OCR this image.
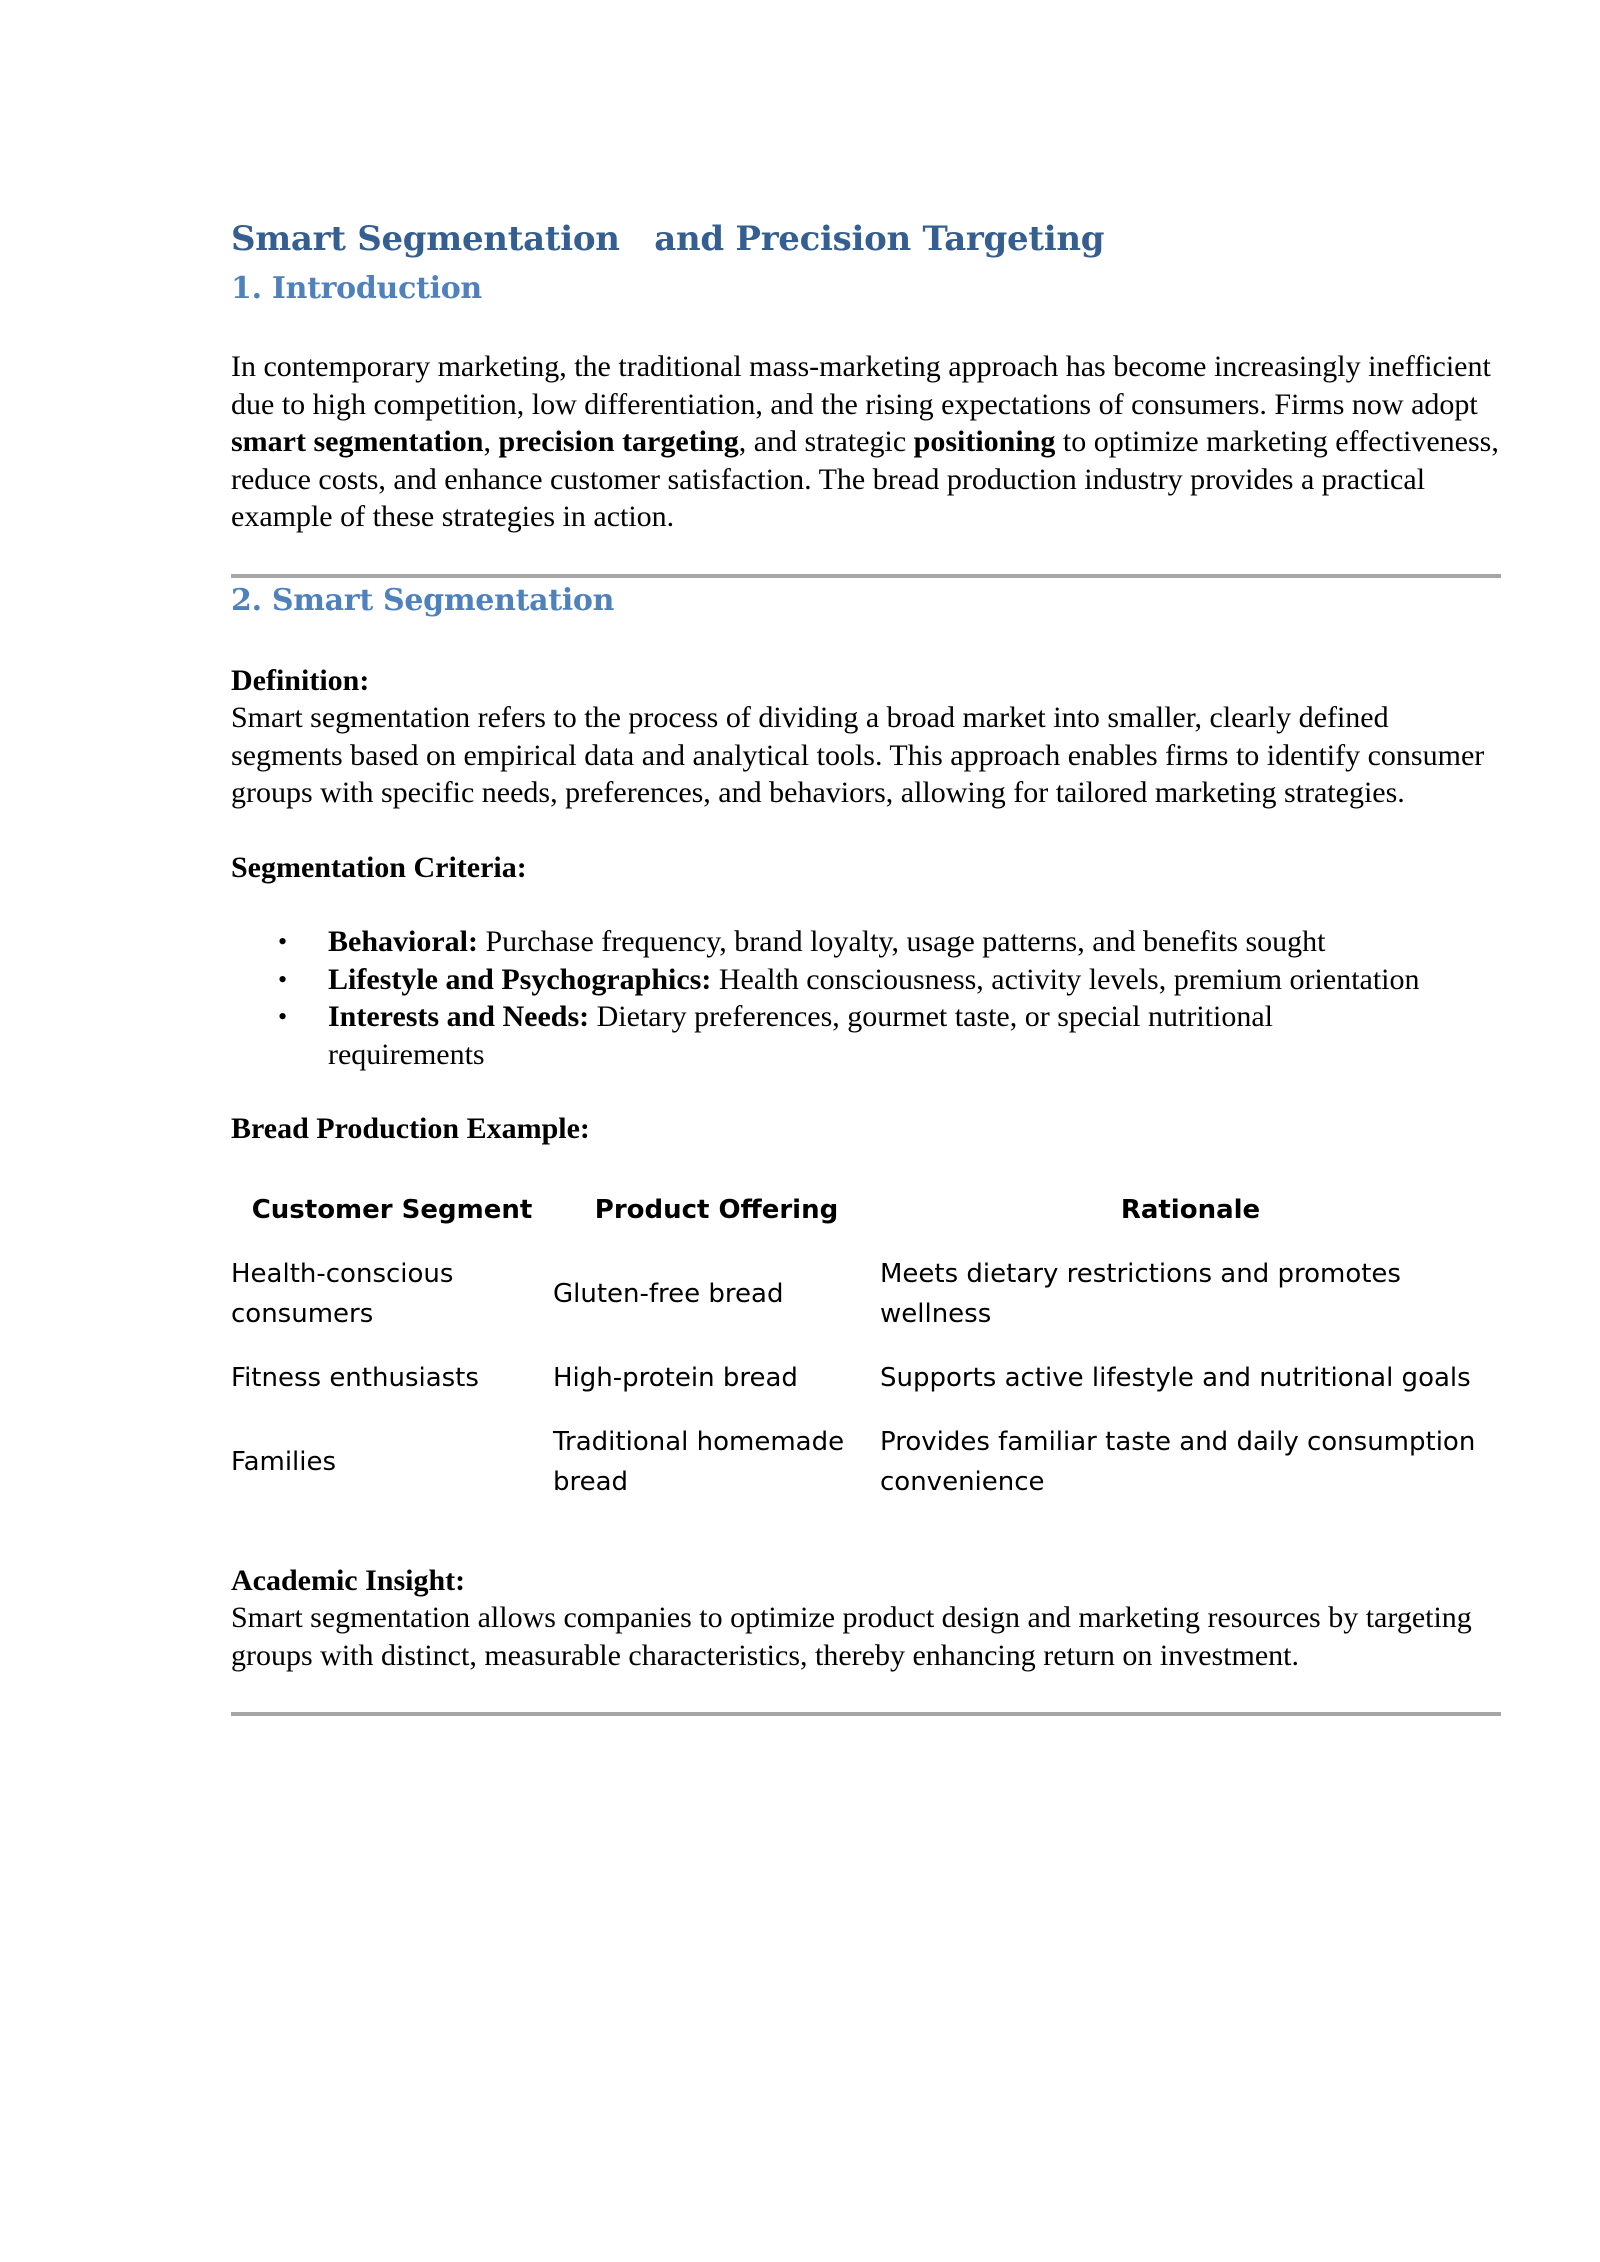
Smart Segmentation   and Precision Targeting
1. Introduction

In contemporary marketing, the traditional mass-marketing approach has become increasingly inefficient due to high competition, low differentiation, and the rising expectations of consumers. Firms now adopt smart segmentation, precision targeting, and strategic positioning to optimize marketing effectiveness, reduce costs, and enhance customer satisfaction. The bread production industry provides a practical example of these strategies in action.

2. Smart Segmentation

Definition:

Smart segmentation refers to the process of dividing a broad market into smaller, clearly defined segments based on empirical data and analytical tools. This approach enables firms to identify consumer groups with specific needs, preferences, and behaviors, allowing for tailored marketing strategies.

Segmentation Criteria:

• Behavioral: Purchase frequency, brand loyalty, usage patterns, and benefits sought
• Lifestyle and Psychographics: Health consciousness, activity levels, premium orientation
• Interests and Needs: Dietary preferences, gourmet taste, or special nutritional requirements

Bread Production Example:

Customer Segment	Product Offering	Rationale
Health-conscious consumers	Gluten-free bread	Meets dietary restrictions and promotes wellness
Fitness enthusiasts	High-protein bread	Supports active lifestyle and nutritional goals
Families	Traditional homemade bread	Provides familiar taste and daily consumption convenience

Academic Insight:

Smart segmentation allows companies to optimize product design and marketing resources by targeting groups with distinct, measurable characteristics, thereby enhancing return on investment.
